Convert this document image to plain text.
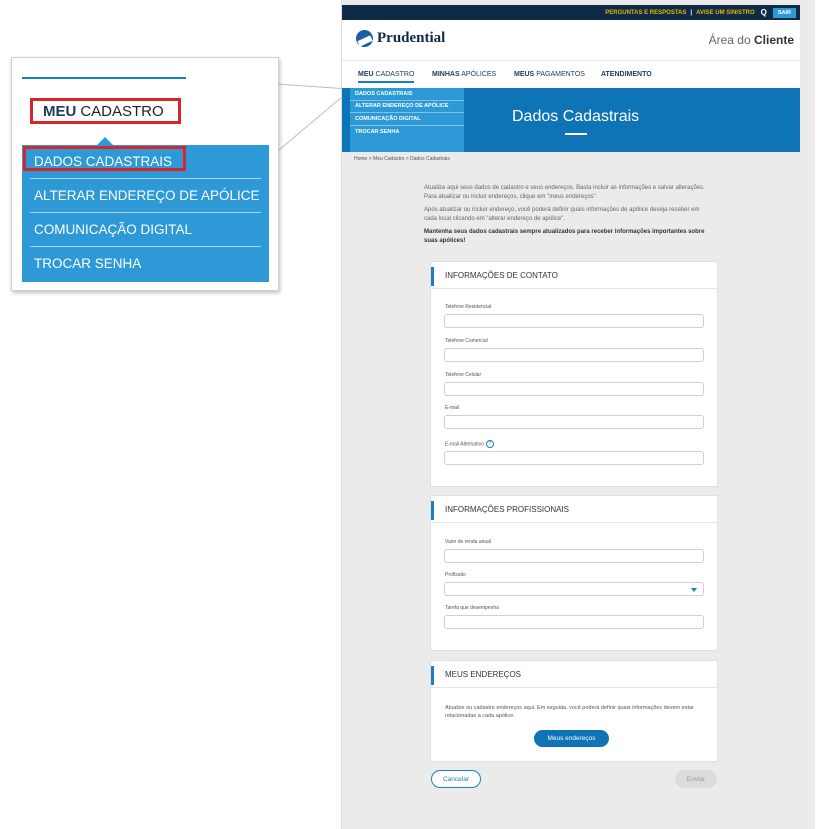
MEU CADASTRO
DADOS CADASTRAIS
ALTERAR ENDEREÇO DE APÓLICE
COMUNICAÇÃO DIGITAL
TROCAR SENHA
PERGUNTAS E RESPOSTAS | AVISE UM SINISTRO Q	SAIR
Prudential	Área do Cliente
MEU CADASTRO	MINHAS APÓLICES	MEUS PAGAMENTOS ATENDIMENTO
Dados Cadastrais
DADOS CADASTRAIS
ALTERAR ENDEREÇO DE APÓLICE
COMUNICAÇÃO DIGITAL
TROCAR SENHA
Home > Meu Cadastro > Dados Cadastrais

Atualize aqui seus dados de cadastro e seus endereços. Basta incluir as informações e salvar alterações. Para atualizar ou incluir endereços, clique em "meus endereços".

Após atualizar ou incluir endereço, você poderá definir quais informações de apólice deseja receber em cada local clicando em "alterar endereço de apólice".

Mantenha seus dados cadastrais sempre atualizados para receber informações importantes sobre suas apólices!

INFORMAÇÕES DE CONTATO
Telefone Residencial
Telefone Comercial
Telefone Celular
E-mail
E-mail Alternativo ?
INFORMAÇÕES PROFISSIONAIS
Valor de renda anual
Profissão
Tarefa que desempenha
MEUS ENDEREÇOS
Atualize ou cadastre endereços aqui. Em seguida, você poderá definir quais informações devem estar relacionadas a cada apólice.
Meus endereços
Cancelar	Enviar
